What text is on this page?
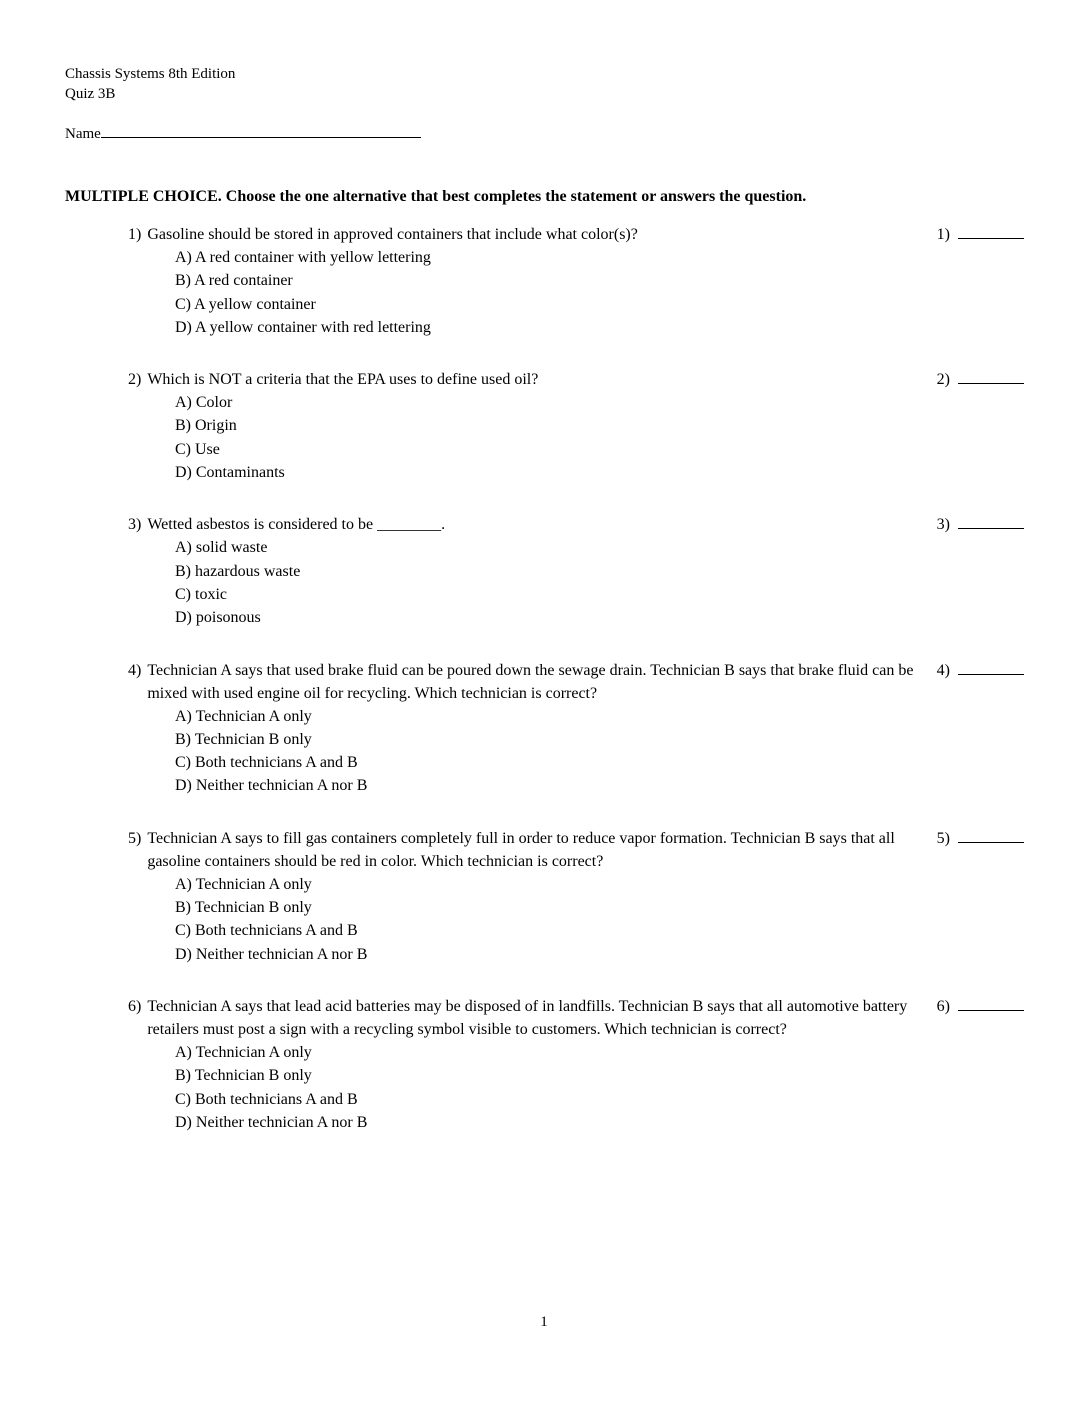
Chassis Systems 8th Edition
Quiz 3B
Name
MULTIPLE CHOICE. Choose the one alternative that best completes the statement or answers the question.
1) Gasoline should be stored in approved containers that include what color(s)?
A) A red container with yellow lettering
B) A red container
C) A yellow container
D) A yellow container with red lettering
1)
2) Which is NOT a criteria that the EPA uses to define used oil?
A) Color
B) Origin
C) Use
D) Contaminants
2)
3) Wetted asbestos is considered to be ________.
A) solid waste
B) hazardous waste
C) toxic
D) poisonous
3)
4) Technician A says that used brake fluid can be poured down the sewage drain. Technician B says that brake fluid can be mixed with used engine oil for recycling. Which technician is correct?
A) Technician A only
B) Technician B only
C) Both technicians A and B
D) Neither technician A nor B
4)
5) Technician A says to fill gas containers completely full in order to reduce vapor formation. Technician B says that all gasoline containers should be red in color. Which technician is correct?
A) Technician A only
B) Technician B only
C) Both technicians A and B
D) Neither technician A nor B
5)
6) Technician A says that lead acid batteries may be disposed of in landfills. Technician B says that all automotive battery retailers must post a sign with a recycling symbol visible to customers. Which technician is correct?
A) Technician A only
B) Technician B only
C) Both technicians A and B
D) Neither technician A nor B
6)
1
